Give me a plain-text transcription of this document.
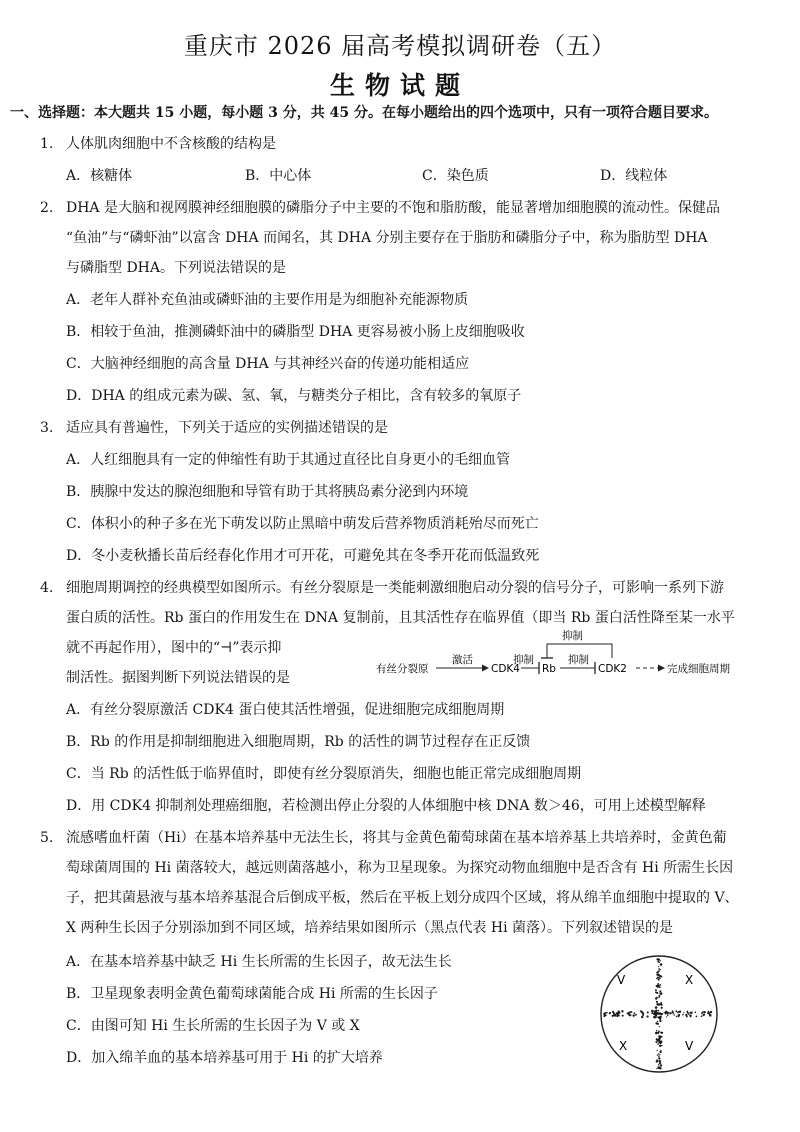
重庆市 2026 届高考模拟调研卷（五）
生物试题
一、选择题：本大题共 15 小题，每小题 3 分，共 45 分。在每小题给出的四个选项中，只有一项符合题目要求。
1. 人体肌肉细胞中不含核酸的结构是
A．核糖体	B．中心体	C．染色质	D．线粒体
2. DHA 是大脑和视网膜神经细胞膜的磷脂分子中主要的不饱和脂肪酸，能显著增加细胞膜的流动性。保健品
“鱼油”与“磷虾油”以富含 DHA 而闻名，其 DHA 分别主要存在于脂肪和磷脂分子中，称为脂肪型 DHA
与磷脂型 DHA。下列说法错误的是
A．老年人群补充鱼油或磷虾油的主要作用是为细胞补充能源物质
B．相较于鱼油，推测磷虾油中的磷脂型 DHA 更容易被小肠上皮细胞吸收
C．大脑神经细胞的高含量 DHA 与其神经兴奋的传递功能相适应
D．DHA 的组成元素为碳、氢、氧，与糖类分子相比，含有较多的氧原子
3. 适应具有普遍性，下列关于适应的实例描述错误的是
A．人红细胞具有一定的伸缩性有助于其通过直径比自身更小的毛细血管
B．胰腺中发达的腺泡细胞和导管有助于其将胰岛素分泌到内环境
C．体积小的种子多在光下萌发以防止黑暗中萌发后营养物质消耗殆尽而死亡
D．冬小麦秋播长苗后经春化作用才可开花，可避免其在冬季开花而低温致死
4. 细胞周期调控的经典模型如图所示。有丝分裂原是一类能刺激细胞启动分裂的信号分子，可影响一系列下游
蛋白质的活性。Rb 蛋白的作用发生在 DNA 复制前，且其活性存在临界值（即当 Rb 蛋白活性降至某一水平
就不再起作用），图中的“⊣”表示抑
制活性。据图判断下列说法错误的是
有丝分裂原
激活
CDK4
抑制
Rb
抑制
CDK2
抑制
完成细胞周期
A．有丝分裂原激活 CDK4 蛋白使其活性增强，促进细胞完成细胞周期
B．Rb 的作用是抑制细胞进入细胞周期，Rb 的活性的调节过程存在正反馈
C．当 Rb 的活性低于临界值时，即使有丝分裂原消失，细胞也能正常完成细胞周期
D．用 CDK4 抑制剂处理癌细胞，若检测出停止分裂的人体细胞中核 DNA 数＞46，可用上述模型解释
5. 流感嗜血杆菌（Hi）在基本培养基中无法生长，将其与金黄色葡萄球菌在基本培养基上共培养时，金黄色葡
萄球菌周围的 Hi 菌落较大，越远则菌落越小，称为卫星现象。为探究动物血细胞中是否含有 Hi 所需生长因
子，把其菌悬液与基本培养基混合后倒成平板，然后在平板上划分成四个区域，将从绵羊血细胞中提取的 V、
X 两种生长因子分别添加到不同区域，培养结果如图所示（黑点代表 Hi 菌落）。下列叙述错误的是
A．在基本培养基中缺乏 Hi 生长所需的生长因子，故无法生长
B．卫星现象表明金黄色葡萄球菌能合成 Hi 所需的生长因子
C．由图可知 Hi 生长所需的生长因子为 V 或 X
D．加入绵羊血的基本培养基可用于 Hi 的扩大培养
V	X
X	V
